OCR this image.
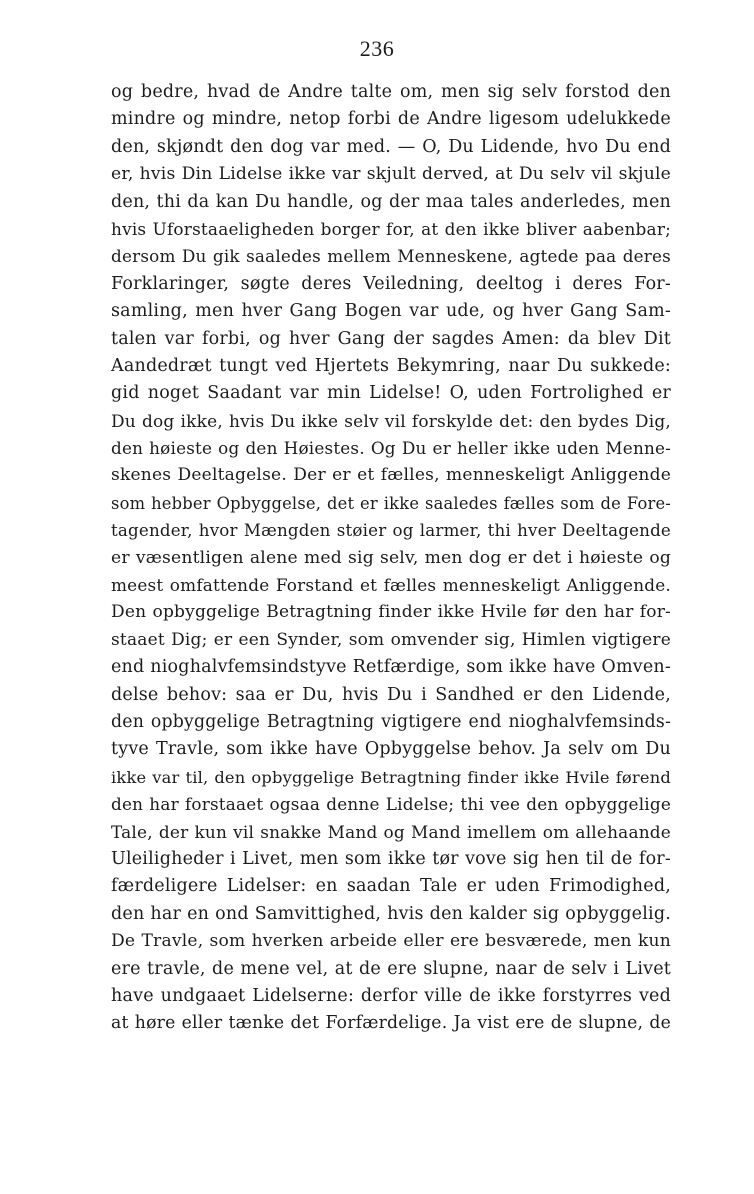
236
og bedre, hvad de Andre talte om, men sig selv forstod den
mindre og mindre, netop forbi de Andre ligesom udelukkede
den, skjøndt den dog var med. — O, Du Lidende, hvo Du end
er, hvis Din Lidelse ikke var skjult derved, at Du selv vil skjule
den, thi da kan Du handle, og der maa tales anderledes, men
hvis Uforstaaeligheden borger for, at den ikke bliver aabenbar;
dersom Du gik saaledes mellem Menneskene, agtede paa deres
Forklaringer, søgte deres Veiledning, deeltog i deres For-
samling, men hver Gang Bogen var ude, og hver Gang Sam-
talen var forbi, og hver Gang der sagdes Amen: da blev Dit
Aandedræt tungt ved Hjertets Bekymring, naar Du sukkede:
gid noget Saadant var min Lidelse! O, uden Fortrolighed er
Du dog ikke, hvis Du ikke selv vil forskylde det: den bydes Dig,
den høieste og den Høiestes. Og Du er heller ikke uden Menne-
skenes Deeltagelse. Der er et fælles, menneskeligt Anliggende
som hebber Opbyggelse, det er ikke saaledes fælles som de Fore-
tagender, hvor Mængden støier og larmer, thi hver Deeltagende
er væsentligen alene med sig selv, men dog er det i høieste og
meest omfattende Forstand et fælles menneskeligt Anliggende.
Den opbyggelige Betragtning finder ikke Hvile før den har for-
staaet Dig; er een Synder, som omvender sig, Himlen vigtigere
end nioghalvfemsindstyve Retfærdige, som ikke have Omven-
delse behov: saa er Du, hvis Du i Sandhed er den Lidende,
den opbyggelige Betragtning vigtigere end nioghalvfemsinds-
tyve Travle, som ikke have Opbyggelse behov. Ja selv om Du
ikke var til, den opbyggelige Betragtning finder ikke Hvile førend
den har forstaaet ogsaa denne Lidelse; thi vee den opbyggelige
Tale, der kun vil snakke Mand og Mand imellem om allehaande
Uleiligheder i Livet, men som ikke tør vove sig hen til de for-
færdeligere Lidelser: en saadan Tale er uden Frimodighed,
den har en ond Samvittighed, hvis den kalder sig opbyggelig.
De Travle, som hverken arbeide eller ere besværede, men kun
ere travle, de mene vel, at de ere slupne, naar de selv i Livet
have undgaaet Lidelserne: derfor ville de ikke forstyrres ved
at høre eller tænke det Forfærdelige. Ja vist ere de slupne, de
